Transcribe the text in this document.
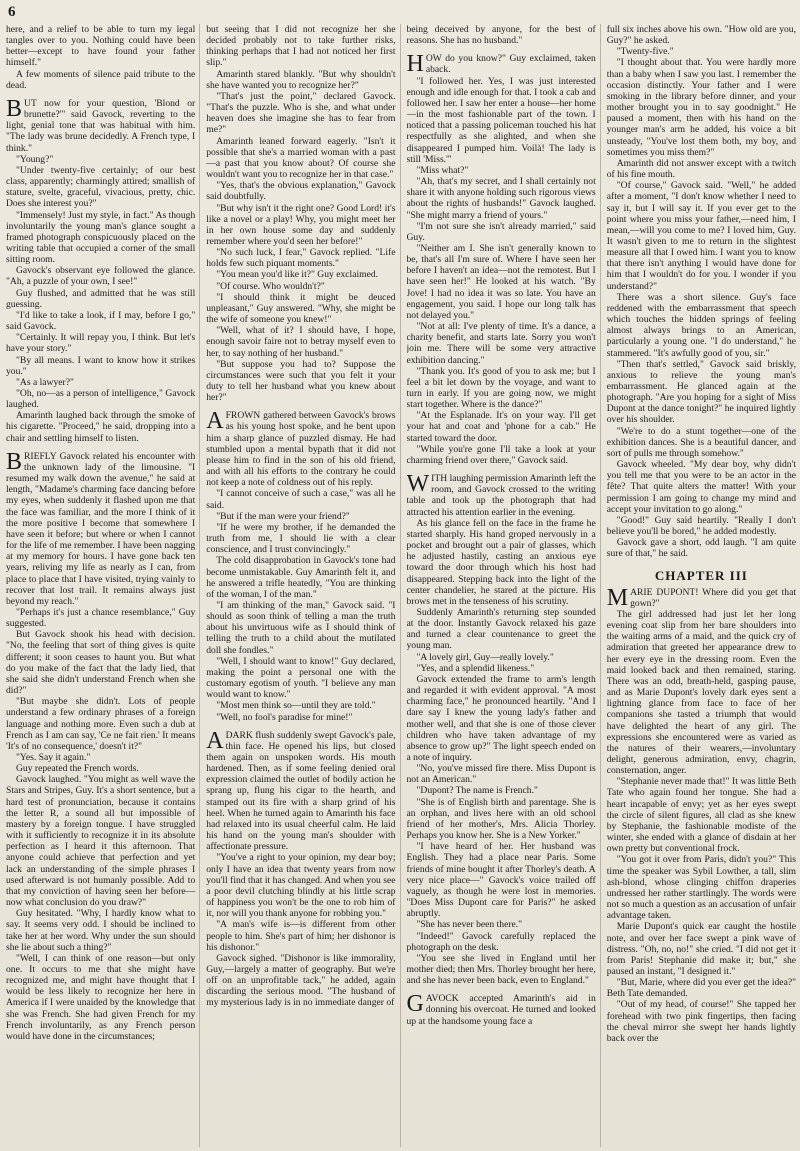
6

here, and a relief to be able to turn my legal tangles over to you. Nothing could have been better—except to have found your father himself."

A few moments of silence paid tribute to the dead.

BUT now for your question, 'Blond or brunette?'" said Gavock, reverting to the light, genial tone that was habitual with him. "The lady was brune decidedly. A French type, I think."

"Young?"

"Under twenty-five certainly; of our best class, apparently; charmingly attired; smallish of stature, svelte, graceful, vivacious, pretty, chic. Does she interest you?"

"Immensely! Just my style, in fact." As though involuntarily the young man's glance sought a framed photograph conspicuously placed on the writing table that occupied a corner of the small sitting room.

Gavock's observant eye followed the glance. "Ah, a puzzle of your own, I see!"

Guy flushed, and admitted that he was still guessing.

"I'd like to take a look, if I may, before I go," said Gavock.

"Certainly. It will repay you, I think. But let's have your story."

"By all means. I want to know how it strikes you."

"As a lawyer?"

"Oh, no—as a person of intelligence," Gavock laughed.

Amarinth laughed back through the smoke of his cigarette. "Proceed," he said, dropping into a chair and settling himself to listen.

BRIEFLY Gavock related his encounter with the unknown lady of the limousine. "I resumed my walk down the avenue," he said at length, "Madame's charming face dancing before my eyes, when suddenly it flashed upon me that the face was familiar, and the more I think of it the more positive I become that somewhere I have seen it before; but where or when I cannot for the life of me remember. I have been nagging at my memory for hours. I have gone back ten years, reliving my life as nearly as I can, from place to place that I have visited, trying vainly to recover that lost trail. It remains always just beyond my reach."

"Perhaps it's just a chance resemblance," Guy suggested.

But Gavock shook his head with decision. "No, the feeling that sort of thing gives is quite different; it soon ceases to haunt you. But what do you make of the fact that the lady lied, that she said she didn't understand French when she did?"

"But maybe she didn't. Lots of people understand a few ordinary phrases of a foreign language and nothing more. Even such a dub at French as I am can say, 'Ce ne fait rien.' It means 'It's of no consequence,' doesn't it?"

"Yes. Say it again."

Guy repeated the French words.

Gavock laughed. "You might as well wave the Stars and Stripes, Guy. It's a short sentence, but a hard test of pronunciation, because it contains the letter R, a sound all but impossible of mastery by a foreign tongue. I have struggled with it sufficiently to recognize it in its absolute perfection as I heard it this afternoon. That anyone could achieve that perfection and yet lack an understanding of the simple phrases I used afterward is not humanly possible. Add to that my conviction of having seen her before—now what conclusion do you draw?"

Guy hesitated. "Why, I hardly know what to say. It seems very odd. I should be inclined to take her at her word. Why under the sun should she lie about such a thing?"

"Well, I can think of one reason—but only one. It occurs to me that she might have recognized me, and might have thought that I would be less likely to recognize her here in America if I were unaided by the knowledge that she was French. She had given French for my French involuntarily, as any French person would have done in the circumstances;

but seeing that I did not recognize her she decided probably not to take further risks, thinking perhaps that I had not noticed her first slip."

Amarinth stared blankly. "But why shouldn't she have wanted you to recognize her?"

"That's just the point," declared Gavock. "That's the puzzle. Who is she, and what under heaven does she imagine she has to fear from me?"

Amarinth leaned forward eagerly. "Isn't it possible that she's a married woman with a past—a past that you know about? Of course she wouldn't want you to recognize her in that case."

"Yes, that's the obvious explanation," Gavock said doubtfully.

"But why isn't it the right one? Good Lord! it's like a novel or a play! Why, you might meet her in her own house some day and suddenly remember where you'd seen her before!"

"No such luck, I fear," Gavock replied. "Life holds few such piquant moments."

"You mean you'd like it?" Guy exclaimed.

"Of course. Who wouldn't?"

"I should think it might be deuced unpleasant," Guy answered. "Why, she might be the wife of someone you knew!"

"Well, what of it? I should have, I hope, enough savoir faire not to betray myself even to her, to say nothing of her husband."

"But suppose you had to? Suppose the circumstances were such that you felt it your duty to tell her husband what you knew about her?"

AFROWN gathered between Gavock's brows as his young host spoke, and he bent upon him a sharp glance of puzzled dismay. He had stumbled upon a mental bypath that it did not please him to find in the son of his old friend, and with all his efforts to the contrary he could not keep a note of coldness out of his reply.

"I cannot conceive of such a case," was all he said.

"But if the man were your friend?"

"If he were my brother, if he demanded the truth from me, I should lie with a clear conscience, and I trust convincingly."

The cold disapprobation in Gavock's tone had become unmistakable. Guy Amarinth felt it, and he answered a trifle heatedly, "You are thinking of the woman, I of the man."

"I am thinking of the man," Gavock said. "I should as soon think of telling a man the truth about his unvirtuous wife as I should think of telling the truth to a child about the mutilated doll she fondles."

"Well, I should want to know!" Guy declared, making the point a personal one with the customary egotism of youth. "I believe any man would want to know."

"Most men think so—until they are told."

"Well, no fool's paradise for mine!"

ADARK flush suddenly swept Gavock's pale, thin face. He opened his lips, but closed them again on unspoken words. His mouth hardened. Then, as if some feeling denied oral expression claimed the outlet of bodily action he sprang up, flung his cigar to the hearth, and stamped out its fire with a sharp grind of his heel. When he turned again to Amarinth his face had relaxed into its usual cheerful calm. He laid his hand on the young man's shoulder with affectionate pressure.

"You've a right to your opinion, my dear boy; only I have an idea that twenty years from now you'll find that it has changed. And when you see a poor devil clutching blindly at his little scrap of happiness you won't be the one to rob him of it, nor will you thank anyone for robbing you."

"A man's wife is—is different from other people to him. She's part of him; her dishonor is his dishonor."

Gavock sighed. "Dishonor is like immorality, Guy,—largely a matter of geography. But we're off on an unprofitable tack," he added, again discarding the serious mood. "The husband of my mysterious lady is in no immediate danger of

being deceived by anyone, for the best of reasons. She has no husband."

HOW do you know?" Guy exclaimed, taken aback.

"I followed her. Yes, I was just interested enough and idle enough for that. I took a cab and followed her. I saw her enter a house—her home—in the most fashionable part of the town. I noticed that a passing policeman touched his hat respectfully as she alighted, and when she disappeared I pumped him. Voilà! The lady is still 'Miss.'"

"Miss what?"

"Ah, that's my secret, and I shall certainly not share it with anyone holding such rigorous views about the rights of husbands!" Gavock laughed. "She might marry a friend of yours."

"I'm not sure she isn't already married," said Guy.

"Neither am I. She isn't generally known to be, that's all I'm sure of. Where I have seen her before I haven't an idea—not the remotest. But I have seen her!" He looked at his watch. "By Jove! I had no idea it was so late. You have an engagement, you said. I hope our long talk has not delayed you."

"Not at all: I've plenty of time. It's a dance, a charity benefit, and starts late. Sorry you won't join me. There will be some very attractive exhibition dancing."

"Thank you. It's good of you to ask me; but I feel a bit let down by the voyage, and want to turn in early. If you are going now, we might start together. Where is the dance?"

"At the Esplanade. It's on your way. I'll get your hat and coat and 'phone for a cab." He started toward the door.

"While you're gone I'll take a look at your charming friend over there," Gavock said.

WITH laughing permission Amarinth left the room, and Gavock crossed to the writing table and took up the photograph that had attracted his attention earlier in the evening.

As his glance fell on the face in the frame he started sharply. His hand groped nervously in a pocket and brought out a pair of glasses, which he adjusted hastily, casting an anxious eye toward the door through which his host had disappeared. Stepping back into the light of the center chandelier, he stared at the picture. His brows met in the tenseness of his scrutiny.

Suddenly Amarinth's returning step sounded at the door. Instantly Gavock relaxed his gaze and turned a clear countenance to greet the young man.

"A lovely girl, Guy—really lovely."

"Yes, and a splendid likeness."

Gavock extended the frame to arm's length and regarded it with evident approval. "A most charming face," he pronounced heartily. "And I dare say I knew the young lady's father and mother well, and that she is one of those clever children who have taken advantage of my absence to grow up?" The light speech ended on a note of inquiry.

"No, you've missed fire there. Miss Dupont is not an American."

"Dupont? The name is French."

"She is of English birth and parentage. She is an orphan, and lives here with an old school friend of her mother's, Mrs. Alicia Thorley. Perhaps you know her. She is a New Yorker."

"I have heard of her. Her husband was English. They had a place near Paris. Some friends of mine bought it after Thorley's death. A very nice place—" Gavock's voice trailed off vaguely, as though he were lost in memories. "Does Miss Dupont care for Paris?" he asked abruptly.

"She has never been there."

"Indeed!" Gavock carefully replaced the photograph on the desk.

"You see she lived in England until her mother died; then Mrs. Thorley brought her here, and she has never been back, even to England."

GAVOCK accepted Amarinth's aid in donning his overcoat. He turned and looked up at the handsome young face a

full six inches above his own. "How old are you, Guy?" he asked.

"Twenty-five."

"I thought about that. You were hardly more than a baby when I saw you last. I remember the occasion distinctly. Your father and I were smoking in the library before dinner, and your mother brought you in to say goodnight." He paused a moment, then with his hand on the younger man's arm he added, his voice a bit unsteady, "You've lost them both, my boy, and sometimes you miss them?"

Amarinth did not answer except with a twitch of his fine mouth.

"Of course," Gavock said. "Well," he added after a moment, "I don't know whether I need to say it, but I will say it. If you ever get to the point where you miss your father,—need him, I mean,—will you come to me? I loved him, Guy. It wasn't given to me to return in the slightest measure all that I owed him. I want you to know that there isn't anything I would have done for him that I wouldn't do for you. I wonder if you understand?"

There was a short silence. Guy's face reddened with the embarrassment that speech which touches the hidden springs of feeling almost always brings to an American, particularly a young one. "I do understand," he stammered. "It's awfully good of you, sir."

"Then that's settled," Gavock said briskly, anxious to relieve the young man's embarrassment. He glanced again at the photograph. "Are you hoping for a sight of Miss Dupont at the dance tonight?" he inquired lightly over his shoulder.

"We're to do a stunt together—one of the exhibition dances. She is a beautiful dancer, and sort of pulls me through somehow."

Gavock wheeled. "My dear boy, why didn't you tell me that you were to be an actor in the fête? That quite alters the matter! With your permission I am going to change my mind and accept your invitation to go along."

"Good!" Guy said heartily. "Really I don't believe you'll be bored," he added modestly.

Gavock gave a short, odd laugh. "I am quite sure of that," he said.

CHAPTER III

MARIE DUPONT! Where did you get that gown?"

The girl addressed had just let her long evening coat slip from her bare shoulders into the waiting arms of a maid, and the quick cry of admiration that greeted her appearance drew to her every eye in the dressing room. Even the maid looked back and then remained, staring. There was an odd, breath-held, gasping pause, and as Marie Dupont's lovely dark eyes sent a lightning glance from face to face of her companions she tasted a triumph that would have delighted the heart of any girl. The expressions she encountered were as varied as the natures of their wearers,—involuntary delight, generous admiration, envy, chagrin, consternation, anger.

"Stephanie never made that!" It was little Beth Tate who again found her tongue. She had a heart incapable of envy; yet as her eyes swept the circle of silent figures, all clad as she knew by Stephanie, the fashionable modiste of the winter, she ended with a glance of disdain at her own pretty but conventional frock.

"You got it over from Paris, didn't you?" This time the speaker was Sybil Lowther, a tall, slim ash-blond, whose clinging chiffon draperies undressed her rather startlingly. The words were not so much a question as an accusation of unfair advantage taken.

Marie Dupont's quick ear caught the hostile note, and over her face swept a pink wave of distress. "Oh, no, no!" she cried. "I did not get it from Paris! Stephanie did make it; but," she paused an instant, "I designed it."

"But, Marie, where did you ever get the idea?" Beth Tate demanded.

"Out of my head, of course!" She tapped her forehead with two pink fingertips, then facing the cheval mirror she swept her hands lightly back over the
